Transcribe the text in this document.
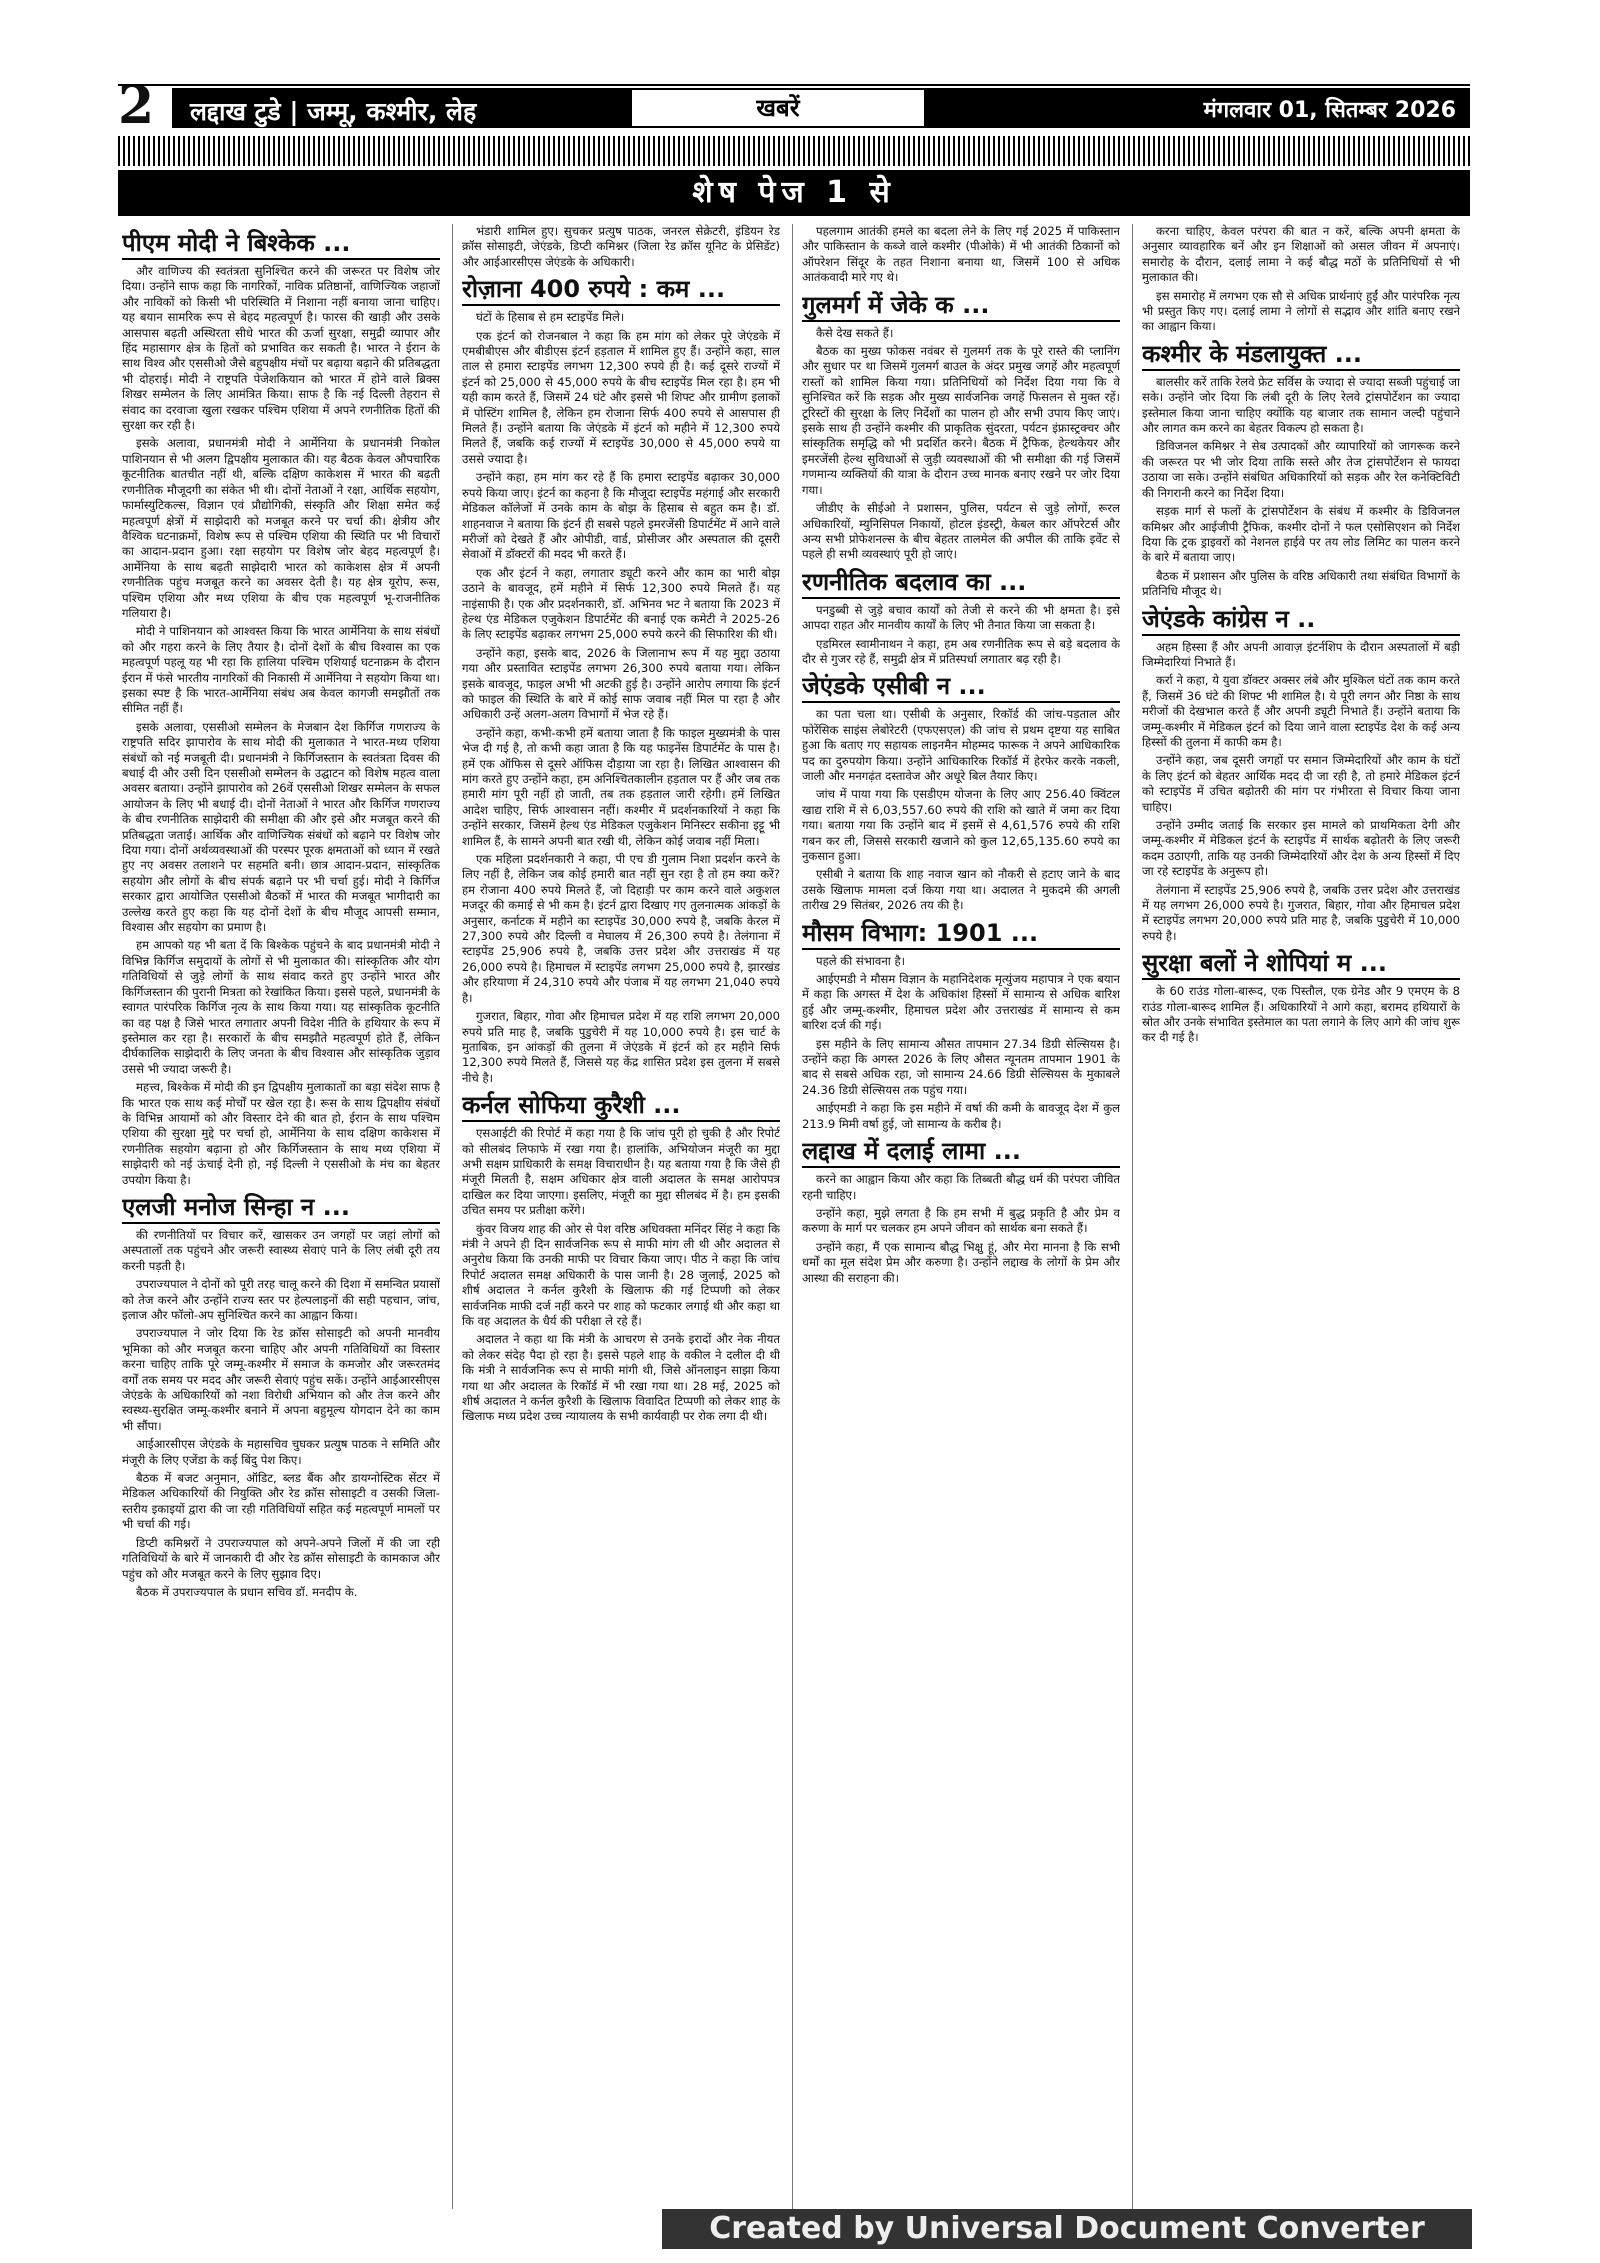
2	लद्दाख टुडे | जम्मू, कश्मीर, लेह	खबरें	मंगलवार 01, सितम्बर 2026
शेष पेज 1 से
पीएम मोदी ने बिश्केक ...

और वाणिज्य की स्वतंत्रता सुनिश्चित करने की जरूरत पर विशेष जोर दिया। उन्होंने साफ कहा कि नागरिकों, नाविक प्रतिष्ठानों, वाणिज्यिक जहाजों और नाविकों को किसी भी परिस्थिति में निशाना नहीं बनाया जाना चाहिए। यह बयान सामरिक रूप से बेहद महत्वपूर्ण है। फारस की खाड़ी और उसके आसपास बढ़ती अस्थिरता सीधे भारत की ऊर्जा सुरक्षा, समुद्री व्यापार और हिंद महासागर क्षेत्र के हितों को प्रभावित कर सकती है। भारत ने ईरान के साथ विश्व और एससीओ जैसे बहुपक्षीय मंचों पर बढ़ाया बढ़ाने की प्रतिबद्धता भी दोहराई। मोदी ने राष्ट्रपति पेजेशकियान को भारत में होने वाले ब्रिक्स शिखर सम्मेलन के लिए आमंत्रित किया। साफ है कि नई दिल्ली तेहरान से संवाद का दरवाजा खुला रखकर पश्चिम एशिया में अपने रणनीतिक हितों की सुरक्षा कर रही है।

इसके अलावा, प्रधानमंत्री मोदी ने आर्मेनिया के प्रधानमंत्री निकोल पाशिनयान से भी अलग द्विपक्षीय मुलाकात की। यह बैठक केवल औपचारिक कूटनीतिक बातचीत नहीं थी, बल्कि दक्षिण काकेशस में भारत की बढ़ती रणनीतिक मौजूदगी का संकेत भी थी। दोनों नेताओं ने रक्षा, आर्थिक सहयोग, फार्मास्युटिकल्स, विज्ञान एवं प्रौद्योगिकी, संस्कृति और शिक्षा समेत कई महत्वपूर्ण क्षेत्रों में साझेदारी को मजबूत करने पर चर्चा की। क्षेत्रीय और वैश्विक घटनाक्रमों, विशेष रूप से पश्चिम एशिया की स्थिति पर भी विचारों का आदान-प्रदान हुआ। रक्षा सहयोग पर विशेष जोर बेहद महत्वपूर्ण है। आर्मेनिया के साथ बढ़ती साझेदारी भारत को काकेशस क्षेत्र में अपनी रणनीतिक पहुंच मजबूत करने का अवसर देती है। यह क्षेत्र यूरोप, रूस, पश्चिम एशिया और मध्य एशिया के बीच एक महत्वपूर्ण भू-राजनीतिक गलियारा है।

मोदी ने पाशिनयान को आश्वस्त किया कि भारत आर्मेनिया के साथ संबंधों को और गहरा करने के लिए तैयार है। दोनों देशों के बीच विश्वास का एक महत्वपूर्ण पहलू यह भी रहा कि हालिया पश्चिम एशियाई घटनाक्रम के दौरान ईरान में फंसे भारतीय नागरिकों की निकासी में आर्मेनिया ने सहयोग किया था। इसका स्पष्ट है कि भारत-आर्मेनिया संबंध अब केवल कागजी समझौतों तक सीमित नहीं हैं।

इसके अलावा, एससीओ सम्मेलन के मेजबान देश किर्गिज गणराज्य के राष्ट्रपति सदिर झापारोव के साथ मोदी की मुलाकात ने भारत-मध्य एशिया संबंधों को नई मजबूती दी। प्रधानमंत्री ने किर्गिजस्तान के स्वतंत्रता दिवस की बधाई दी और उसी दिन एससीओ सम्मेलन के उद्घाटन को विशेष महत्व वाला अवसर बताया। उन्होंने झापारोव को 26वें एससीओ शिखर सम्मेलन के सफल आयोजन के लिए भी बधाई दी। दोनों नेताओं ने भारत और किर्गिज गणराज्य के बीच रणनीतिक साझेदारी की समीक्षा की और इसे और मजबूत करने की प्रतिबद्धता जताई। आर्थिक और वाणिज्यिक संबंधों को बढ़ाने पर विशेष जोर दिया गया। दोनों अर्थव्यवस्थाओं की परस्पर पूरक क्षमताओं को ध्यान में रखते हुए नए अवसर तलाशने पर सहमति बनी। छात्र आदान-प्रदान, सांस्कृतिक सहयोग और लोगों के बीच संपर्क बढ़ाने पर भी चर्चा हुई। मोदी ने किर्गिज सरकार द्वारा आयोजित एससीओ बैठकों में भारत की मजबूत भागीदारी का उल्लेख करते हुए कहा कि यह दोनों देशों के बीच मौजूद आपसी सम्मान, विश्वास और सहयोग का प्रमाण है।

हम आपको यह भी बता दें कि बिश्केक पहुंचने के बाद प्रधानमंत्री मोदी ने विभिन्न किर्गिज समुदायों के लोगों से भी मुलाकात की। सांस्कृतिक और योग गतिविधियों से जुड़े लोगों के साथ संवाद करते हुए उन्होंने भारत और किर्गिजस्तान की पुरानी मित्रता को रेखांकित किया। इससे पहले, प्रधानमंत्री के स्वागत पारंपरिक किर्गिज नृत्य के साथ किया गया। यह सांस्कृतिक कूटनीति का वह पक्ष है जिसे भारत लगातार अपनी विदेश नीति के हथियार के रूप में इस्तेमाल कर रहा है। सरकारों के बीच समझौते महत्वपूर्ण होते हैं, लेकिन दीर्घकालिक साझेदारी के लिए जनता के बीच विश्वास और सांस्कृतिक जुड़ाव उससे भी ज्यादा जरूरी है।

महत्त्व, बिश्केक में मोदी की इन द्विपक्षीय मुलाकातों का बड़ा संदेश साफ है कि भारत एक साथ कई मोर्चों पर खेल रहा है। रूस के साथ द्विपक्षीय संबंधों के विभिन्न आयामों को और विस्तार देने की बात हो, ईरान के साथ पश्चिम एशिया की सुरक्षा मुद्दे पर चर्चा हो, आर्मेनिया के साथ दक्षिण काकेशस में रणनीतिक सहयोग बढ़ाना हो और किर्गिजस्तान के साथ मध्य एशिया में साझेदारी को नई ऊंचाई देनी हो, नई दिल्ली ने एससीओ के मंच का बेहतर उपयोग किया है।

एलजी मनोज सिन्हा न ...

की रणनीतियों पर विचार करें, खासकर उन जगहों पर जहां लोगों को अस्पतालों तक पहुंचने और जरूरी स्वास्थ्य सेवाएं पाने के लिए लंबी दूरी तय करनी पड़ती है।

उपराज्यपाल ने दोनों को पूरी तरह चालू करने की दिशा में समन्वित प्रयासों को तेज करने और उन्होंने राज्य स्तर पर हेल्पलाइनों की सही पहचान, जांच, इलाज और फॉलो-अप सुनिश्चित करने का आह्वान किया।

उपराज्यपाल ने जोर दिया कि रेड क्रॉस सोसाइटी को अपनी मानवीय भूमिका को और मजबूत करना चाहिए और अपनी गतिविधियों का विस्तार करना चाहिए ताकि पूरे जम्मू-कश्मीर में समाज के कमजोर और जरूरतमंद वर्गों तक समय पर मदद और जरूरी सेवाएं पहुंच सकें। उन्होंने आईआरसीएस जेएंडके के अधिकारियों को नशा विरोधी अभियान को और तेज करने और स्वस्थ्य-सुरक्षित जम्मू-कश्मीर बनाने में अपना बहुमूल्य योगदान देने का काम भी सौंपा।

आईआरसीएस जेएंडके के महासचिव चुघकर प्रत्युष पाठक ने समिति और मंजूरी के लिए एजेंडा के कई बिंदु पेश किए।

बैठक में बजट अनुमान, ऑडिट, ब्लड बैंक और डायग्नोस्टिक सेंटर में मेडिकल अधिकारियों की नियुक्ति और रेड क्रॉस सोसाइटी व उसकी जिला-स्तरीय इकाइयों द्वारा की जा रही गतिविधियों सहित कई महत्वपूर्ण मामलों पर भी चर्चा की गई।

डिप्टी कमिश्नरों ने उपराज्यपाल को अपने-अपने जिलों में की जा रही गतिविधियों के बारे में जानकारी दी और रेड क्रॉस सोसाइटी के कामकाज और पहुंच को और मजबूत करने के लिए सुझाव दिए।

बैठक में उपराज्यपाल के प्रधान सचिव डॉ. मनदीप के.

भंडारी शामिल हुए। सुचकर प्रत्युष पाठक, जनरल सेक्रेटरी, इंडियन रेड क्रॉस सोसाइटी, जेएंडके, डिप्टी कमिश्नर (जिला रेड क्रॉस यूनिट के प्रेसिडेंट) और आईआरसीएस जेएंडके के अधिकारी।

रोज़ाना 400 रुपये : कम ...

घंटों के हिसाब से हम स्टाइपेंड मिले।

एक इंटर्न को रोजनबाल ने कहा कि हम मांग को लेकर पूरे जेएंडके में एमबीबीएस और बीडीएस इंटर्न हड़ताल में शामिल हुए हैं। उन्होंने कहा, साल ताल से हमारा स्टाइपेंड लगभग 12,300 रुपये ही है। कई दूसरे राज्यों में इंटर्न को 25,000 से 45,000 रुपये के बीच स्टाइपेंड मिल रहा है। हम भी यही काम करते हैं, जिसमें 24 घंटे और इससे भी शिफ्ट और ग्रामीण इलाकों में पोस्टिंग शामिल है, लेकिन हम रोजाना सिर्फ 400 रुपये से आसपास ही मिलते हैं। उन्होंने बताया कि जेएंडके में इंटर्न को महीने में 12,300 रुपये मिलते हैं, जबकि कई राज्यों में स्टाइपेंड 30,000 से 45,000 रुपये या उससे ज्यादा है।

उन्होंने कहा, हम मांग कर रहे हैं कि हमारा स्टाइपेंड बढ़ाकर 30,000 रुपये किया जाए। इंटर्न का कहना है कि मौजूदा स्टाइपेंड महंगाई और सरकारी मेडिकल कॉलेजों में उनके काम के बोझ के हिसाब से बहुत कम है। डॉ. शाहनवाज ने बताया कि इंटर्न ही सबसे पहले इमरजेंसी डिपार्टमेंट में आने वाले मरीजों को देखते हैं और ओपीडी, वार्ड, प्रोसीजर और अस्पताल की दूसरी सेवाओं में डॉक्टरों की मदद भी करते हैं।

एक और इंटर्न ने कहा, लगातार ड्यूटी करने और काम का भारी बोझ उठाने के बावजूद, हमें महीने में सिर्फ 12,300 रुपये मिलते हैं। यह नाइंसाफी है। एक और प्रदर्शनकारी, डॉ. अभिनव भट ने बताया कि 2023 में हेल्थ एंड मेडिकल एजुकेशन डिपार्टमेंट की बनाई एक कमेटी ने 2025-26 के लिए स्टाइपेंड बढ़ाकर लगभग 25,000 रुपये करने की सिफारिश की थी।

उन्होंने कहा, इसके बाद, 2026 के जिलानाभ रूप में यह मुद्दा उठाया गया और प्रस्तावित स्टाइपेंड लगभग 26,300 रुपये बताया गया। लेकिन इसके बावजूद, फाइल अभी भी अटकी हुई है। उन्होंने आरोप लगाया कि इंटर्न को फाइल की स्थिति के बारे में कोई साफ जवाब नहीं मिल पा रहा है और अधिकारी उन्हें अलग-अलग विभागों में भेज रहे हैं।

उन्होंने कहा, कभी-कभी हमें बताया जाता है कि फाइल मुख्यमंत्री के पास भेज दी गई है, तो कभी कहा जाता है कि यह फाइनेंस डिपार्टमेंट के पास है। हमें एक ऑफिस से दूसरे ऑफिस दौड़ाया जा रहा है। लिखित आश्वासन की मांग करते हुए उन्होंने कहा, हम अनिश्चितकालीन हड़ताल पर हैं और जब तक हमारी मांग पूरी नहीं हो जाती, तब तक हड़ताल जारी रहेगी। हमें लिखित आदेश चाहिए, सिर्फ आश्वासन नहीं। कश्मीर में प्रदर्शनकारियों ने कहा कि उन्होंने सरकार, जिसमें हेल्थ एंड मेडिकल एजुकेशन मिनिस्टर सकीना इट्टू भी शामिल हैं, के सामने अपनी बात रखी थी, लेकिन कोई जवाब नहीं मिला।

एक महिला प्रदर्शनकारी ने कहा, पी एच डी गुलाम निशा प्रदर्शन करने के लिए नहीं है, लेकिन जब कोई हमारी बात नहीं सुन रहा है तो हम क्या करें? हम रोजाना 400 रुपये मिलते हैं, जो दिहाड़ी पर काम करने वाले अकुशल मजदूर की कमाई से भी कम है। इंटर्न द्वारा दिखाए गए तुलनात्मक आंकड़ों के अनुसार, कर्नाटक में महीने का स्टाइपेंड 30,000 रुपये है, जबकि केरल में 27,300 रुपये और दिल्ली व मेघालय में 26,300 रुपये है। तेलंगाना में स्टाइपेंड 25,906 रुपये है, जबकि उत्तर प्रदेश और उत्तराखंड में यह 26,000 रुपये है। हिमाचल में स्टाइपेंड लगभग 25,000 रुपये है, झारखंड और हरियाणा में 24,310 रुपये और पंजाब में यह लगभग 21,040 रुपये है।

गुजरात, बिहार, गोवा और हिमाचल प्रदेश में यह राशि लगभग 20,000 रुपये प्रति माह है, जबकि पुडुचेरी में यह 10,000 रुपये है। इस चार्ट के मुताबिक, इन आंकड़ों की तुलना में जेएंडके में इंटर्न को हर महीने सिर्फ 12,300 रुपये मिलते हैं, जिससे यह केंद्र शासित प्रदेश इस तुलना में सबसे नीचे है।

कर्नल सोफिया कुरैशी ...

एसआईटी की रिपोर्ट में कहा गया है कि जांच पूरी हो चुकी है और रिपोर्ट को सीलबंद लिफाफे में रखा गया है। हालांकि, अभियोजन मंजूरी का मुद्दा अभी सक्षम प्राधिकारी के समक्ष विचाराधीन है। यह बताया गया है कि जैसे ही मंजूरी मिलती है, सक्षम अधिकार क्षेत्र वाली अदालत के समक्ष आरोपपत्र दाखिल कर दिया जाएगा। इसलिए, मंजूरी का मुद्दा सीलबंद में है। हम इसकी उचित समय पर प्रतीक्षा करेंगे।

कुंवर विजय शाह की ओर से पेश वरिष्ठ अधिवक्ता मनिंदर सिंह ने कहा कि मंत्री ने अपने ही दिन सार्वजनिक रूप से माफी मांग ली थी और अदालत से अनुरोध किया कि उनकी माफी पर विचार किया जाए। पीठ ने कहा कि जांच रिपोर्ट अदालत समक्ष अधिकारी के पास जानी है। 28 जुलाई, 2025 को शीर्ष अदालत ने कर्नल कुरैशी के खिलाफ की गई टिप्पणी को लेकर सार्वजनिक माफी दर्ज नहीं करने पर शाह को फटकार लगाई थी और कहा था कि वह अदालत के धैर्य की परीक्षा ले रहे हैं।

अदालत ने कहा था कि मंत्री के आचरण से उनके इरादों और नेक नीयत को लेकर संदेह पैदा हो रहा है। इससे पहले शाह के वकील ने दलील दी थी कि मंत्री ने सार्वजनिक रूप से माफी मांगी थी, जिसे ऑनलाइन साझा किया गया था और अदालत के रिकॉर्ड में भी रखा गया था। 28 मई, 2025 को शीर्ष अदालत ने कर्नल कुरैशी के खिलाफ विवादित टिप्पणी को लेकर शाह के खिलाफ मध्य प्रदेश उच्च न्यायालय के सभी कार्यवाही पर रोक लगा दी थी।

पहलगाम आतंकी हमले का बदला लेने के लिए गई 2025 में पाकिस्तान और पाकिस्तान के कब्जे वाले कश्मीर (पीओके) में भी आतंकी ठिकानों को ऑपरेशन सिंदूर के तहत निशाना बनाया था, जिसमें 100 से अधिक आतंकवादी मारे गए थे।

गुलमर्ग में जेके क ...

कैसे देख सकते हैं।

बैठक का मुख्य फोकस नवंबर से गुलमर्ग तक के पूरे रास्ते की प्लानिंग और सुधार पर था जिसमें गुलमर्ग बाउल के अंदर प्रमुख जगहें और महत्वपूर्ण रास्तों को शामिल किया गया। प्रतिनिधियों को निर्देश दिया गया कि वे सुनिश्चित करें कि सड़क और मुख्य सार्वजनिक जगहें फिसलन से मुक्त रहें। टूरिस्टों की सुरक्षा के लिए निर्देशों का पालन हो और सभी उपाय किए जाएं। इसके साथ ही उन्होंने कश्मीर की प्राकृतिक सुंदरता, पर्यटन इंफ्रास्ट्रक्चर और सांस्कृतिक समृद्धि को भी प्रदर्शित करने। बैठक में ट्रैफिक, हेल्थकेयर और इमरजेंसी हेल्थ सुविधाओं से जुड़ी व्यवस्थाओं की भी समीक्षा की गई जिसमें गणमान्य व्यक्तियों की यात्रा के दौरान उच्च मानक बनाए रखने पर जोर दिया गया।

जीडीए के सीईओ ने प्रशासन, पुलिस, पर्यटन से जुड़े लोगों, रूरल अधिकारियों, म्युनिसिपल निकायों, होटल इंडस्ट्री, केबल कार ऑपरेटर्स और अन्य सभी प्रोफेशनल्स के बीच बेहतर तालमेल की अपील की ताकि इवेंट से पहले ही सभी व्यवस्थाएं पूरी हो जाएं।

रणनीतिक बदलाव का ...

पनडुब्बी से जुड़े बचाव कार्यों को तेजी से करने की भी क्षमता है। इसे आपदा राहत और मानवीय कार्यों के लिए भी तैनात किया जा सकता है।

एडमिरल स्वामीनाथन ने कहा, हम अब रणनीतिक रूप से बड़े बदलाव के दौर से गुजर रहे हैं, समुद्री क्षेत्र में प्रतिस्पर्धा लगातार बढ़ रही है।

जेएंडके एसीबी न ...

का पता चला था। एसीबी के अनुसार, रिकॉर्ड की जांच-पड़ताल और फोरेंसिक साइंस लेबोरेटरी (एफएसएल) की जांच से प्रथम दृष्टया यह साबित हुआ कि बताए गए सहायक लाइनमैन मोहम्मद फारूक ने अपने आधिकारिक पद का दुरुपयोग किया। उन्होंने आधिकारिक रिकॉर्ड में हेरफेर करके नकली, जाली और मनगढ़ंत दस्तावेज और अधूरे बिल तैयार किए।

जांच में पाया गया कि एसडीएम योजना के लिए आए 256.40 क्विंटल खाद्य राशि में से 6,03,557.60 रुपये की राशि को खाते में जमा कर दिया गया। बताया गया कि उन्होंने बाद में इसमें से 4,61,576 रुपये की राशि गबन कर ली, जिससे सरकारी खजाने को कुल 12,65,135.60 रुपये का नुकसान हुआ।

एसीबी ने बताया कि शाह नवाज खान को नौकरी से हटाए जाने के बाद उसके खिलाफ मामला दर्ज किया गया था। अदालत ने मुकदमे की अगली तारीख 29 सितंबर, 2026 तय की है।

मौसम विभाग: 1901 ...

पहले की संभावना है।

आईएमडी ने मौसम विज्ञान के महानिदेशक मृत्युंजय महापात्र ने एक बयान में कहा कि अगस्त में देश के अधिकांश हिस्सों में सामान्य से अधिक बारिश हुई और जम्मू-कश्मीर, हिमाचल प्रदेश और उत्तराखंड में सामान्य से कम बारिश दर्ज की गई।

इस महीने के लिए सामान्य औसत तापमान 27.34 डिग्री सेल्सियस है। उन्होंने कहा कि अगस्त 2026 के लिए औसत न्यूनतम तापमान 1901 के बाद से सबसे अधिक रहा, जो सामान्य 24.66 डिग्री सेल्सियस के मुकाबले 24.36 डिग्री सेल्सियस तक पहुंच गया।

आईएमडी ने कहा कि इस महीने में वर्षा की कमी के बावजूद देश में कुल 213.9 मिमी वर्षा हुई, जो सामान्य के करीब है।

लद्दाख में दलाई लामा ...

करने का आह्वान किया और कहा कि तिब्बती बौद्ध धर्म की परंपरा जीवित रहनी चाहिए।

उन्होंने कहा, मुझे लगता है कि हम सभी में बुद्ध प्रकृति है और प्रेम व करुणा के मार्ग पर चलकर हम अपने जीवन को सार्थक बना सकते हैं।

उन्होंने कहा, मैं एक सामान्य बौद्ध भिक्षु हूं, और मेरा मानना है कि सभी धर्मों का मूल संदेश प्रेम और करुणा है। उन्होंने लद्दाख के लोगों के प्रेम और आस्था की सराहना की।

करना चाहिए, केवल परंपरा की बात न करें, बल्कि अपनी क्षमता के अनुसार व्यावहारिक बनें और इन शिक्षाओं को असल जीवन में अपनाएं। समारोह के दौरान, दलाई लामा ने कई बौद्ध मठों के प्रतिनिधियों से भी मुलाकात की।

इस समारोह में लगभग एक सौ से अधिक प्रार्थनाएं हुईं और पारंपरिक नृत्य भी प्रस्तुत किए गए। दलाई लामा ने लोगों से सद्भाव और शांति बनाए रखने का आह्वान किया।

कश्मीर के मंडलायुक्त ...

बालसीर करें ताकि रेलवे फ्रेट सर्विस के ज्यादा से ज्यादा सब्जी पहुंचाई जा सके। उन्होंने जोर दिया कि लंबी दूरी के लिए रेलवे ट्रांसपोर्टेशन का ज्यादा इस्तेमाल किया जाना चाहिए क्योंकि यह बाजार तक सामान जल्दी पहुंचाने और लागत कम करने का बेहतर विकल्प हो सकता है।

डिविजनल कमिश्नर ने सेब उत्पादकों और व्यापारियों को जागरूक करने की जरूरत पर भी जोर दिया ताकि सस्ते और तेज ट्रांसपोर्टेशन से फायदा उठाया जा सके। उन्होंने संबंधित अधिकारियों को सड़क और रेल कनेक्टिविटी की निगरानी करने का निर्देश दिया।

सड़क मार्ग से फलों के ट्रांसपोर्टेशन के संबंध में कश्मीर के डिविजनल कमिश्नर और आईजीपी ट्रैफिक, कश्मीर दोनों ने फल एसोसिएशन को निर्देश दिया कि ट्रक ड्राइवरों को नेशनल हाईवे पर तय लोड लिमिट का पालन करने के बारे में बताया जाए।

बैठक में प्रशासन और पुलिस के वरिष्ठ अधिकारी तथा संबंधित विभागों के प्रतिनिधि मौजूद थे।

जेएंडके कांग्रेस न ..

अहम हिस्सा हैं और अपनी आवाज़ इंटर्नशिप के दौरान अस्पतालों में बड़ी जिम्मेदारियां निभाते हैं।

कर्रा ने कहा, ये युवा डॉक्टर अक्सर लंबे और मुश्किल घंटों तक काम करते हैं, जिसमें 36 घंटे की शिफ्ट भी शामिल है। ये पूरी लगन और निष्ठा के साथ मरीजों की देखभाल करते हैं और अपनी ड्यूटी निभाते हैं। उन्होंने बताया कि जम्मू-कश्मीर में मेडिकल इंटर्न को दिया जाने वाला स्टाइपेंड देश के कई अन्य हिस्सों की तुलना में काफी कम है।

उन्होंने कहा, जब दूसरी जगहों पर समान जिम्मेदारियों और काम के घंटों के लिए इंटर्न को बेहतर आर्थिक मदद दी जा रही है, तो हमारे मेडिकल इंटर्न को स्टाइपेंड में उचित बढ़ोतरी की मांग पर गंभीरता से विचार किया जाना चाहिए।

उन्होंने उम्मीद जताई कि सरकार इस मामले को प्राथमिकता देगी और जम्मू-कश्मीर में मेडिकल इंटर्न के स्टाइपेंड में सार्थक बढ़ोतरी के लिए जरूरी कदम उठाएगी, ताकि यह उनकी जिम्मेदारियों और देश के अन्य हिस्सों में दिए जा रहे स्टाइपेंड के अनुरूप हो।

तेलंगाना में स्टाइपेंड 25,906 रुपये है, जबकि उत्तर प्रदेश और उत्तराखंड में यह लगभग 26,000 रुपये है। गुजरात, बिहार, गोवा और हिमाचल प्रदेश में स्टाइपेंड लगभग 20,000 रुपये प्रति माह है, जबकि पुडुचेरी में 10,000 रुपये है।

सुरक्षा बलों ने शोपियां म ...

के 60 राउंड गोला-बारूद, एक पिस्तौल, एक ग्रेनेड और 9 एमएम के 8 राउंड गोला-बारूद शामिल हैं। अधिकारियों ने आगे कहा, बरामद हथियारों के स्रोत और उनके संभावित इस्तेमाल का पता लगाने के लिए आगे की जांच शुरू कर दी गई है।

Created by Universal Document Converter
